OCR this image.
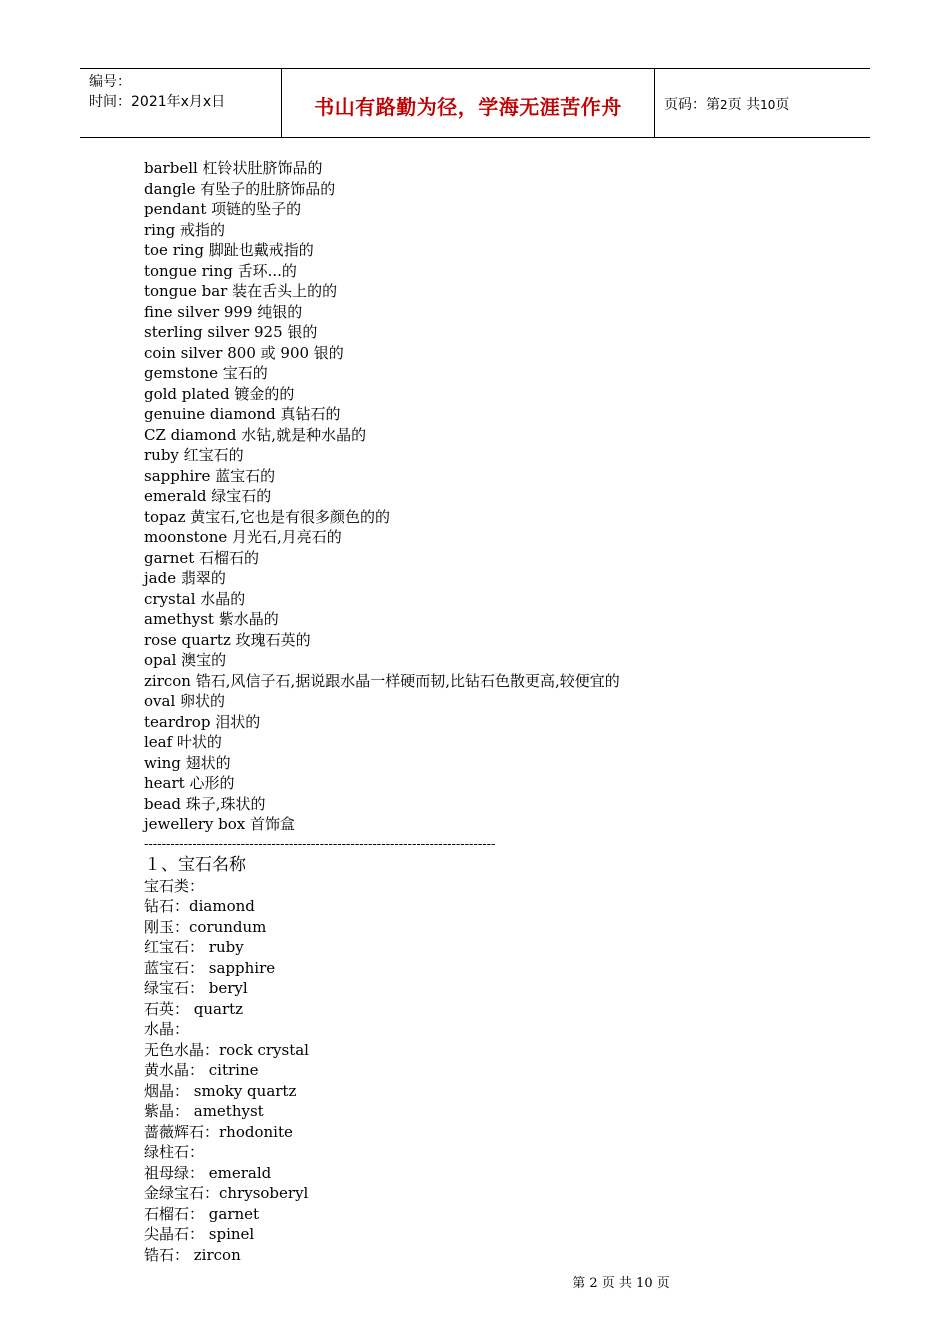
编号：
时间：2021年x月x日	书山有路勤为径，学海无涯苦作舟	页码：第2页 共10页
barbell 杠铃状肚脐饰品的
dangle 有坠子的肚脐饰品的
pendant 项链的坠子的
ring 戒指的
toe ring 脚趾也戴戒指的
tongue ring 舌环...的
tongue bar 装在舌头上的的
fine silver 999 纯银的
sterling silver 925 银的
coin silver 800 或 900 银的
gemstone 宝石的
gold plated 镀金的的
genuine diamond 真钻石的
CZ diamond 水钻,就是种水晶的
ruby 红宝石的
sapphire 蓝宝石的
emerald 绿宝石的
topaz 黄宝石,它也是有很多颜色的的
moonstone 月光石,月亮石的
garnet 石榴石的
jade 翡翠的
crystal 水晶的
amethyst 紫水晶的
rose quartz 玫瑰石英的
opal 澳宝的
zircon 锆石,风信子石,据说跟水晶一样硬而韧,比钻石色散更高,较便宜的
oval 卵状的
teardrop 泪状的
leaf 叶状的
wing 翅状的
heart 心形的
bead 珠子,珠状的
jewellery box 首饰盒
--------------------------------------------------------------------------------
１、宝石名称
宝石类：
钻石：diamond
刚玉：corundum
红宝石： ruby
蓝宝石： sapphire
绿宝石： beryl
石英： quartz
水晶：
无色水晶：rock crystal
黄水晶： citrine
烟晶： smoky quartz
紫晶： amethyst
蔷薇辉石：rhodonite
绿柱石：
祖母绿： emerald
金绿宝石：chrysoberyl
石榴石： garnet
尖晶石： spinel
锆石： zircon
第 2 页 共 10 页
